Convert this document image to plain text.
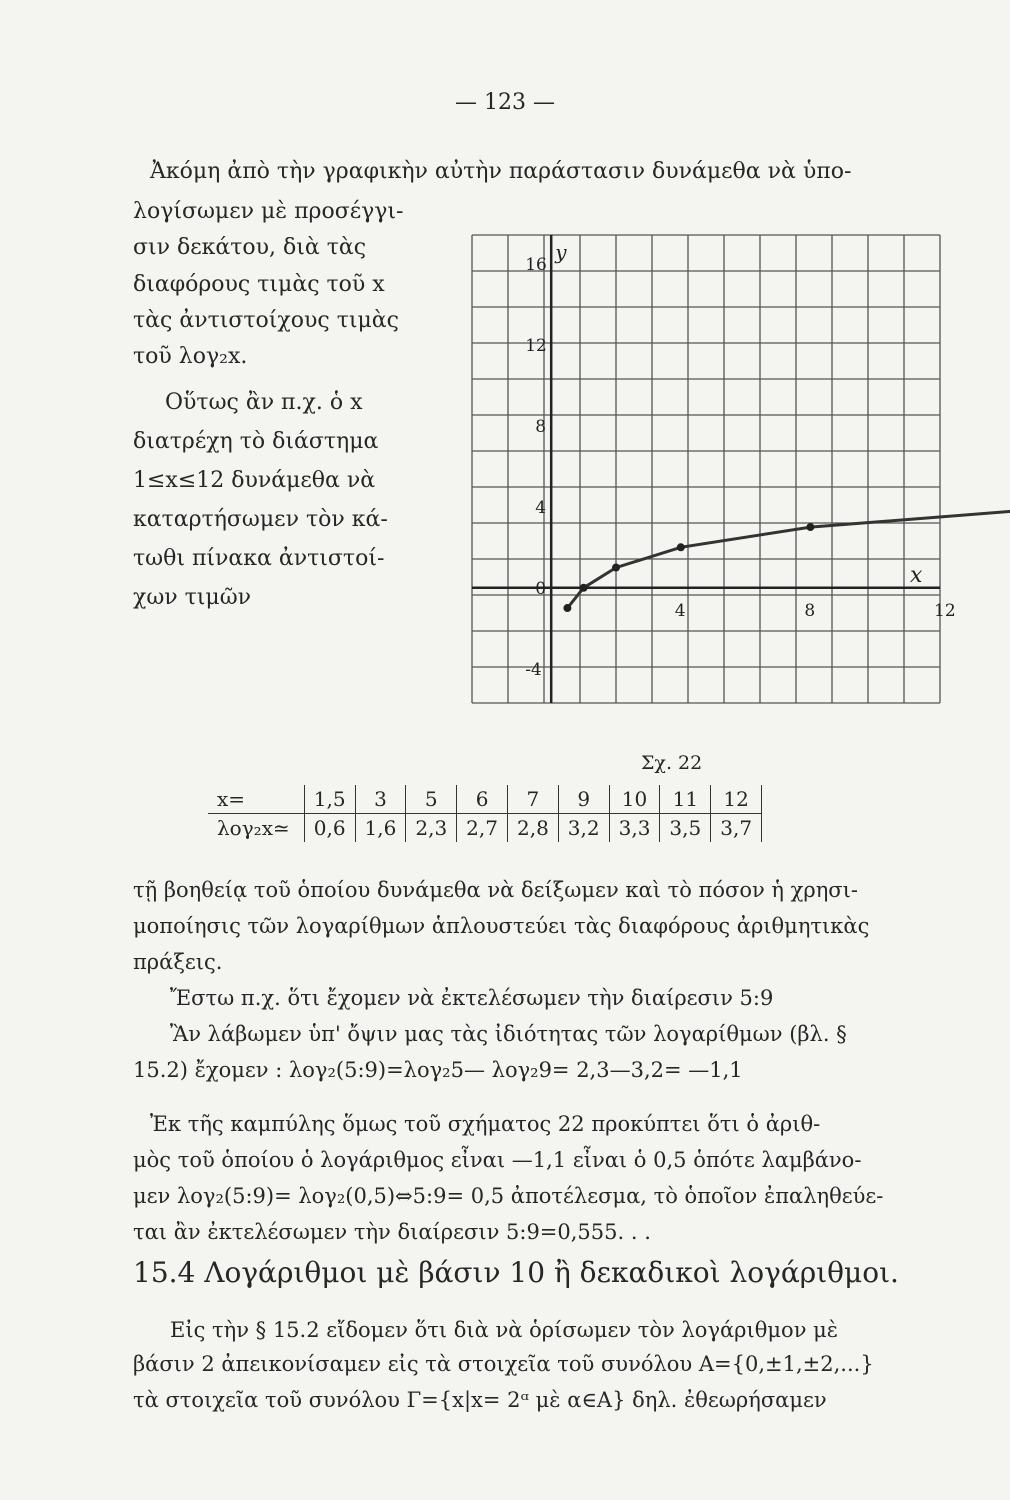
— 123 —
Ἀκόμη ἀπὸ τὴν γραφικὴν αὐτὴν παράστασιν δυνάμεθα νὰ ὑπο-
λογίσωμεν μὲ προσέγγι-
σιν δεκάτου, διὰ τὰς
διαφόρους τιμὰς τοῦ x
τὰς ἀντιστοίχους τιμὰς
τοῦ λογ₂x.
Οὕτως ἂν π.χ. ὁ x
διατρέχη τὸ διάστημα
1≤x≤12 δυνάμεθα νὰ
καταρτήσωμεν τὸν κά-
τωθι πίνακα ἀντιστοί-
χων τιμῶν
4	8	12
16
12
8
4
0
-4
y
x
Σχ. 22
x=	1,5	3	5	6	7	9	10	11	12
λογ₂x≃	0,6	1,6	2,3	2,7	2,8	3,2	3,3	3,5	3,7
τῇ βοηθείᾳ τοῦ ὁποίου δυνάμεθα νὰ δείξωμεν καὶ τὸ πόσον ἡ χρησι-
μοποίησις τῶν λογαρίθμων ἁπλουστεύει τὰς διαφόρους ἀριθμητικὰς
πράξεις.
Ἔστω π.χ. ὅτι ἔχομεν νὰ ἐκτελέσωμεν τὴν διαίρεσιν 5:9
Ἂν λάβωμεν ὑπ' ὄψιν μας τὰς ἰδιότητας τῶν λογαρίθμων (βλ. §
15.2) ἔχομεν : λογ₂(5:9)=λογ₂5— λογ₂9= 2,3—3,2= —1,1
Ἐκ τῆς καμπύλης ὅμως τοῦ σχήματος 22 προκύπτει ὅτι ὁ ἀριθ-
μὸς τοῦ ὁποίου ὁ λογάριθμος εἶναι —1,1 εἶναι ὁ 0,5 ὁπότε λαμβάνο-
μεν λογ₂(5:9)= λογ₂(0,5)⇔5:9= 0,5 ἀποτέλεσμα, τὸ ὁποῖον ἐπαληθεύε-
ται ἂν ἐκτελέσωμεν τὴν διαίρεσιν 5:9=0,555. . .
15.4 Λογάριθμοι μὲ βάσιν 10 ἢ δεκαδικοὶ λογάριθμοι.
Εἰς τὴν § 15.2 εἴδομεν ὅτι διὰ νὰ ὁρίσωμεν τὸν λογάριθμον μὲ
βάσιν 2 ἀπεικονίσαμεν εἰς τὰ στοιχεῖα τοῦ συνόλου Α={0,±1,±2,...}
τὰ στοιχεῖα τοῦ συνόλου Γ={x|x= 2ᵅ μὲ α∈Α} δηλ. ἐθεωρήσαμεν
